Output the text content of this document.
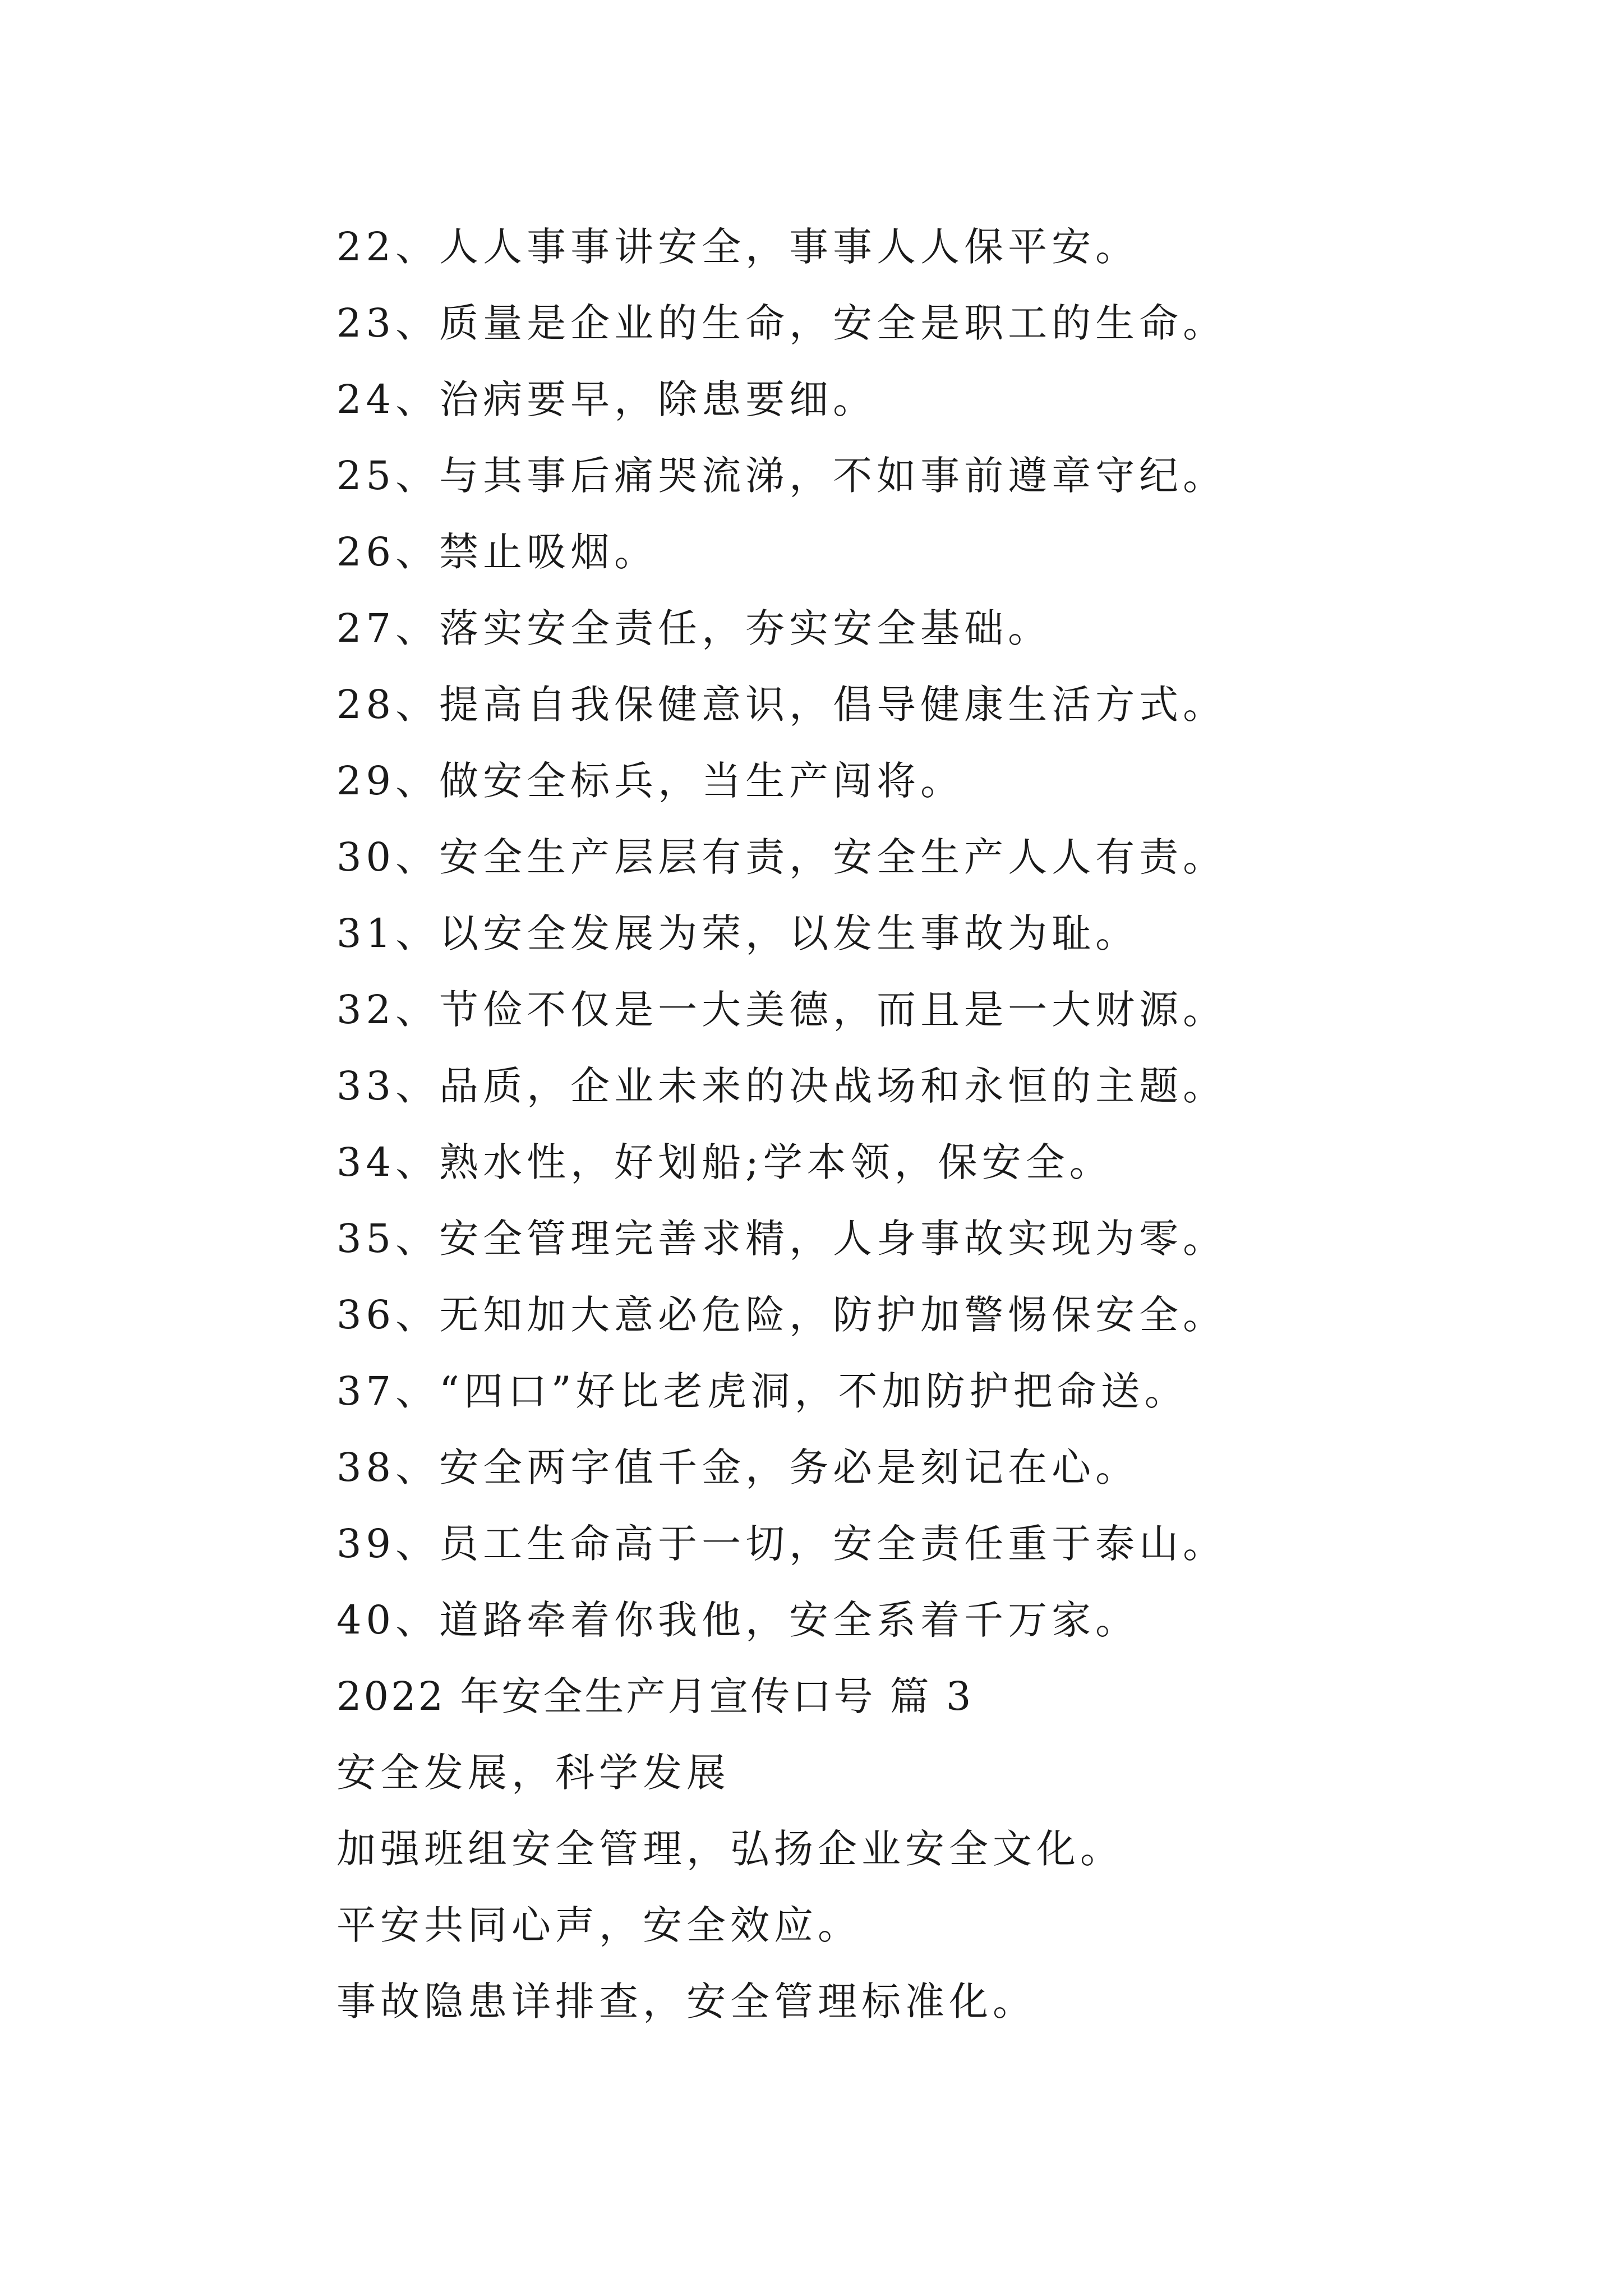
22、人人事事讲安全，事事人人保平安。
23、质量是企业的生命，安全是职工的生命。
24、治病要早，除患要细。
25、与其事后痛哭流涕，不如事前遵章守纪。
26、禁止吸烟。
27、落实安全责任，夯实安全基础。
28、提高自我保健意识，倡导健康生活方式。
29、做安全标兵，当生产闯将。
30、安全生产层层有责，安全生产人人有责。
31、以安全发展为荣，以发生事故为耻。
32、节俭不仅是一大美德，而且是一大财源。
33、品质，企业未来的决战场和永恒的主题。
34、熟水性，好划船;学本领，保安全。
35、安全管理完善求精，人身事故实现为零。
36、无知加大意必危险，防护加警惕保安全。
37、“四口”好比老虎洞，不加防护把命送。
38、安全两字值千金，务必是刻记在心。
39、员工生命高于一切，安全责任重于泰山。
40、道路牵着你我他，安全系着千万家。
2022 年安全生产月宣传口号 篇 3
安全发展，科学发展
加强班组安全管理，弘扬企业安全文化。
平安共同心声，安全效应。
事故隐患详排查，安全管理标准化。
